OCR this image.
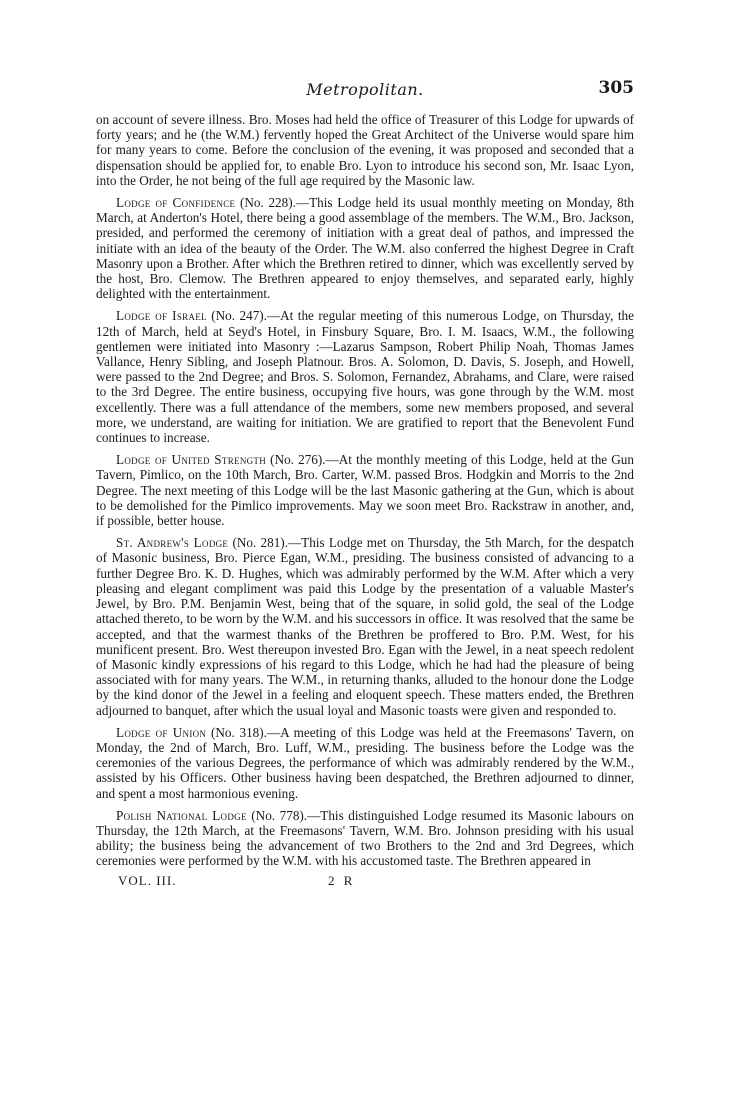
Metropolitan.	305

on account of severe illness. Bro. Moses had held the office of Treasurer of this Lodge for upwards of forty years; and he (the W.M.) fervently hoped the Great Architect of the Universe would spare him for many years to come. Before the conclusion of the evening, it was proposed and seconded that a dispensation should be applied for, to enable Bro. Lyon to introduce his second son, Mr. Isaac Lyon, into the Order, he not being of the full age required by the Masonic law.

Lodge of Confidence (No. 228).—This Lodge held its usual monthly meeting on Monday, 8th March, at Anderton's Hotel, there being a good assemblage of the members. The W.M., Bro. Jackson, presided, and performed the ceremony of initiation with a great deal of pathos, and impressed the initiate with an idea of the beauty of the Order. The W.M. also conferred the highest Degree in Craft Masonry upon a Brother. After which the Brethren retired to dinner, which was excellently served by the host, Bro. Clemow. The Brethren appeared to enjoy themselves, and separated early, highly delighted with the entertainment.

Lodge of Israel (No. 247).—At the regular meeting of this numerous Lodge, on Thursday, the 12th of March, held at Seyd's Hotel, in Finsbury Square, Bro. I. M. Isaacs, W.M., the following gentlemen were initiated into Masonry :—Lazarus Sampson, Robert Philip Noah, Thomas James Vallance, Henry Sibling, and Joseph Platnour. Bros. A. Solomon, D. Davis, S. Joseph, and Howell, were passed to the 2nd Degree; and Bros. S. Solomon, Fernandez, Abrahams, and Clare, were raised to the 3rd Degree. The entire business, occupying five hours, was gone through by the W.M. most excellently. There was a full attendance of the members, some new members proposed, and several more, we understand, are waiting for initiation. We are gratified to report that the Benevolent Fund continues to increase.

Lodge of United Strength (No. 276).—At the monthly meeting of this Lodge, held at the Gun Tavern, Pimlico, on the 10th March, Bro. Carter, W.M. passed Bros. Hodgkin and Morris to the 2nd Degree. The next meeting of this Lodge will be the last Masonic gathering at the Gun, which is about to be demolished for the Pimlico improvements. May we soon meet Bro. Rackstraw in another, and, if possible, better house.

St. Andrew's Lodge (No. 281).—This Lodge met on Thursday, the 5th March, for the despatch of Masonic business, Bro. Pierce Egan, W.M., presiding. The business consisted of advancing to a further Degree Bro. K. D. Hughes, which was admirably performed by the W.M. After which a very pleasing and elegant compliment was paid this Lodge by the presentation of a valuable Master's Jewel, by Bro. P.M. Benjamin West, being that of the square, in solid gold, the seal of the Lodge attached thereto, to be worn by the W.M. and his successors in office. It was resolved that the same be accepted, and that the warmest thanks of the Brethren be proffered to Bro. P.M. West, for his munificent present. Bro. West thereupon invested Bro. Egan with the Jewel, in a neat speech redolent of Masonic kindly expressions of his regard to this Lodge, which he had had the pleasure of being associated with for many years. The W.M., in returning thanks, alluded to the honour done the Lodge by the kind donor of the Jewel in a feeling and eloquent speech. These matters ended, the Brethren adjourned to banquet, after which the usual loyal and Masonic toasts were given and responded to.

Lodge of Union (No. 318).—A meeting of this Lodge was held at the Freemasons' Tavern, on Monday, the 2nd of March, Bro. Luff, W.M., presiding. The business before the Lodge was the ceremonies of the various Degrees, the performance of which was admirably rendered by the W.M., assisted by his Officers. Other business having been despatched, the Brethren adjourned to dinner, and spent a most harmonious evening.

Polish National Lodge (No. 778).—This distinguished Lodge resumed its Masonic labours on Thursday, the 12th March, at the Freemasons' Tavern, W.M. Bro. Johnson presiding with his usual ability; the business being the advancement of two Brothers to the 2nd and 3rd Degrees, which ceremonies were performed by the W.M. with his accustomed taste. The Brethren appeared in

VOL. III.	2 R
